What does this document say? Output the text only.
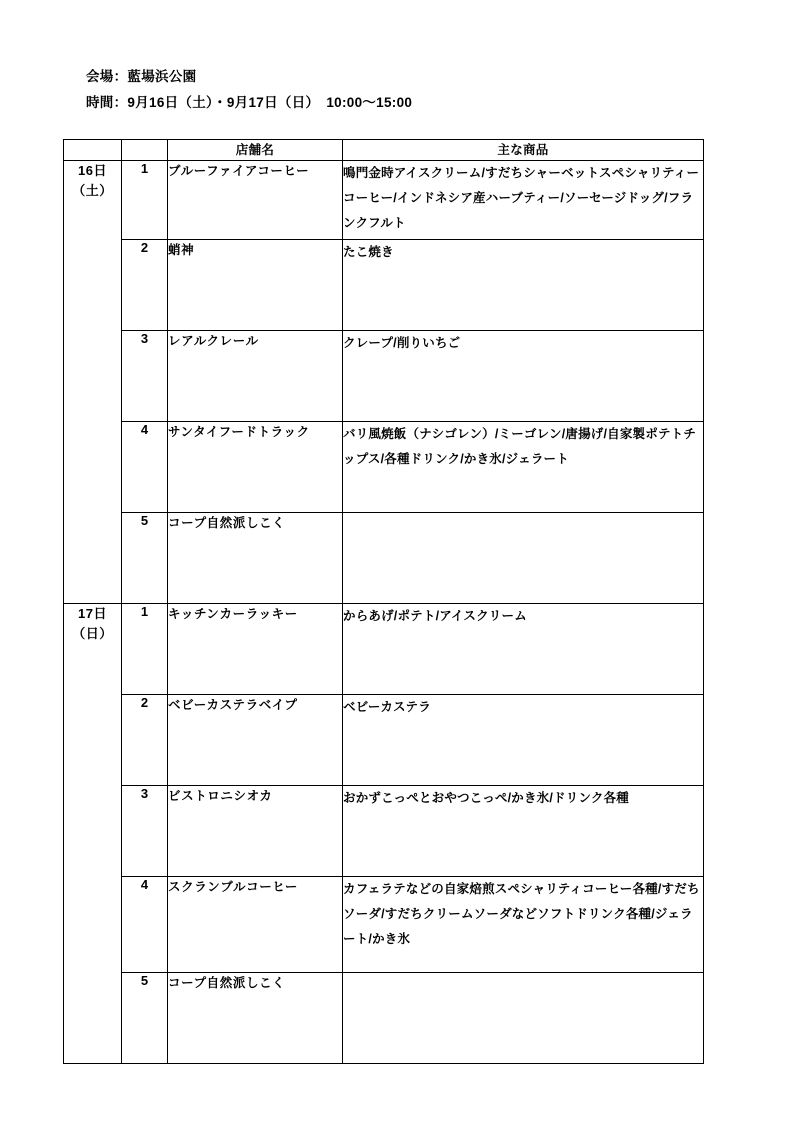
会場：藍場浜公園
時間：9月16日（土）・9月17日（日）　10:00〜15:00
		店舗名	主な商品

16日
（土）	1	ブルーファイアコーヒー	鳴門金時アイスクリーム/すだちシャーベットスペシャリティーコーヒー/インドネシア産ハーブティー/ソーセージドッグ/フランクフルト
	2	蛸神	たこ焼き
	3	レアルクレール	クレープ/削りいちご
	4	サンタイフードトラック	バリ風焼飯（ナシゴレン）/ミーゴレン/唐揚げ/自家製ポテトチップス/各種ドリンク/かき氷/ジェラート
	5	コープ自然派しこく	

17日
（日）	1	キッチンカーラッキー	からあげ/ポテト/アイスクリーム
	2	ベビーカステラベイプ	ベビーカステラ
	3	ビストロニシオカ	おかずこっぺとおやつこっぺ/かき氷/ドリンク各種
	4	スクランブルコーヒー	カフェラテなどの自家焙煎スペシャリティコーヒー各種/すだちソーダ/すだちクリームソーダなどソフトドリンク各種/ジェラート/かき氷
	5	コープ自然派しこく	
